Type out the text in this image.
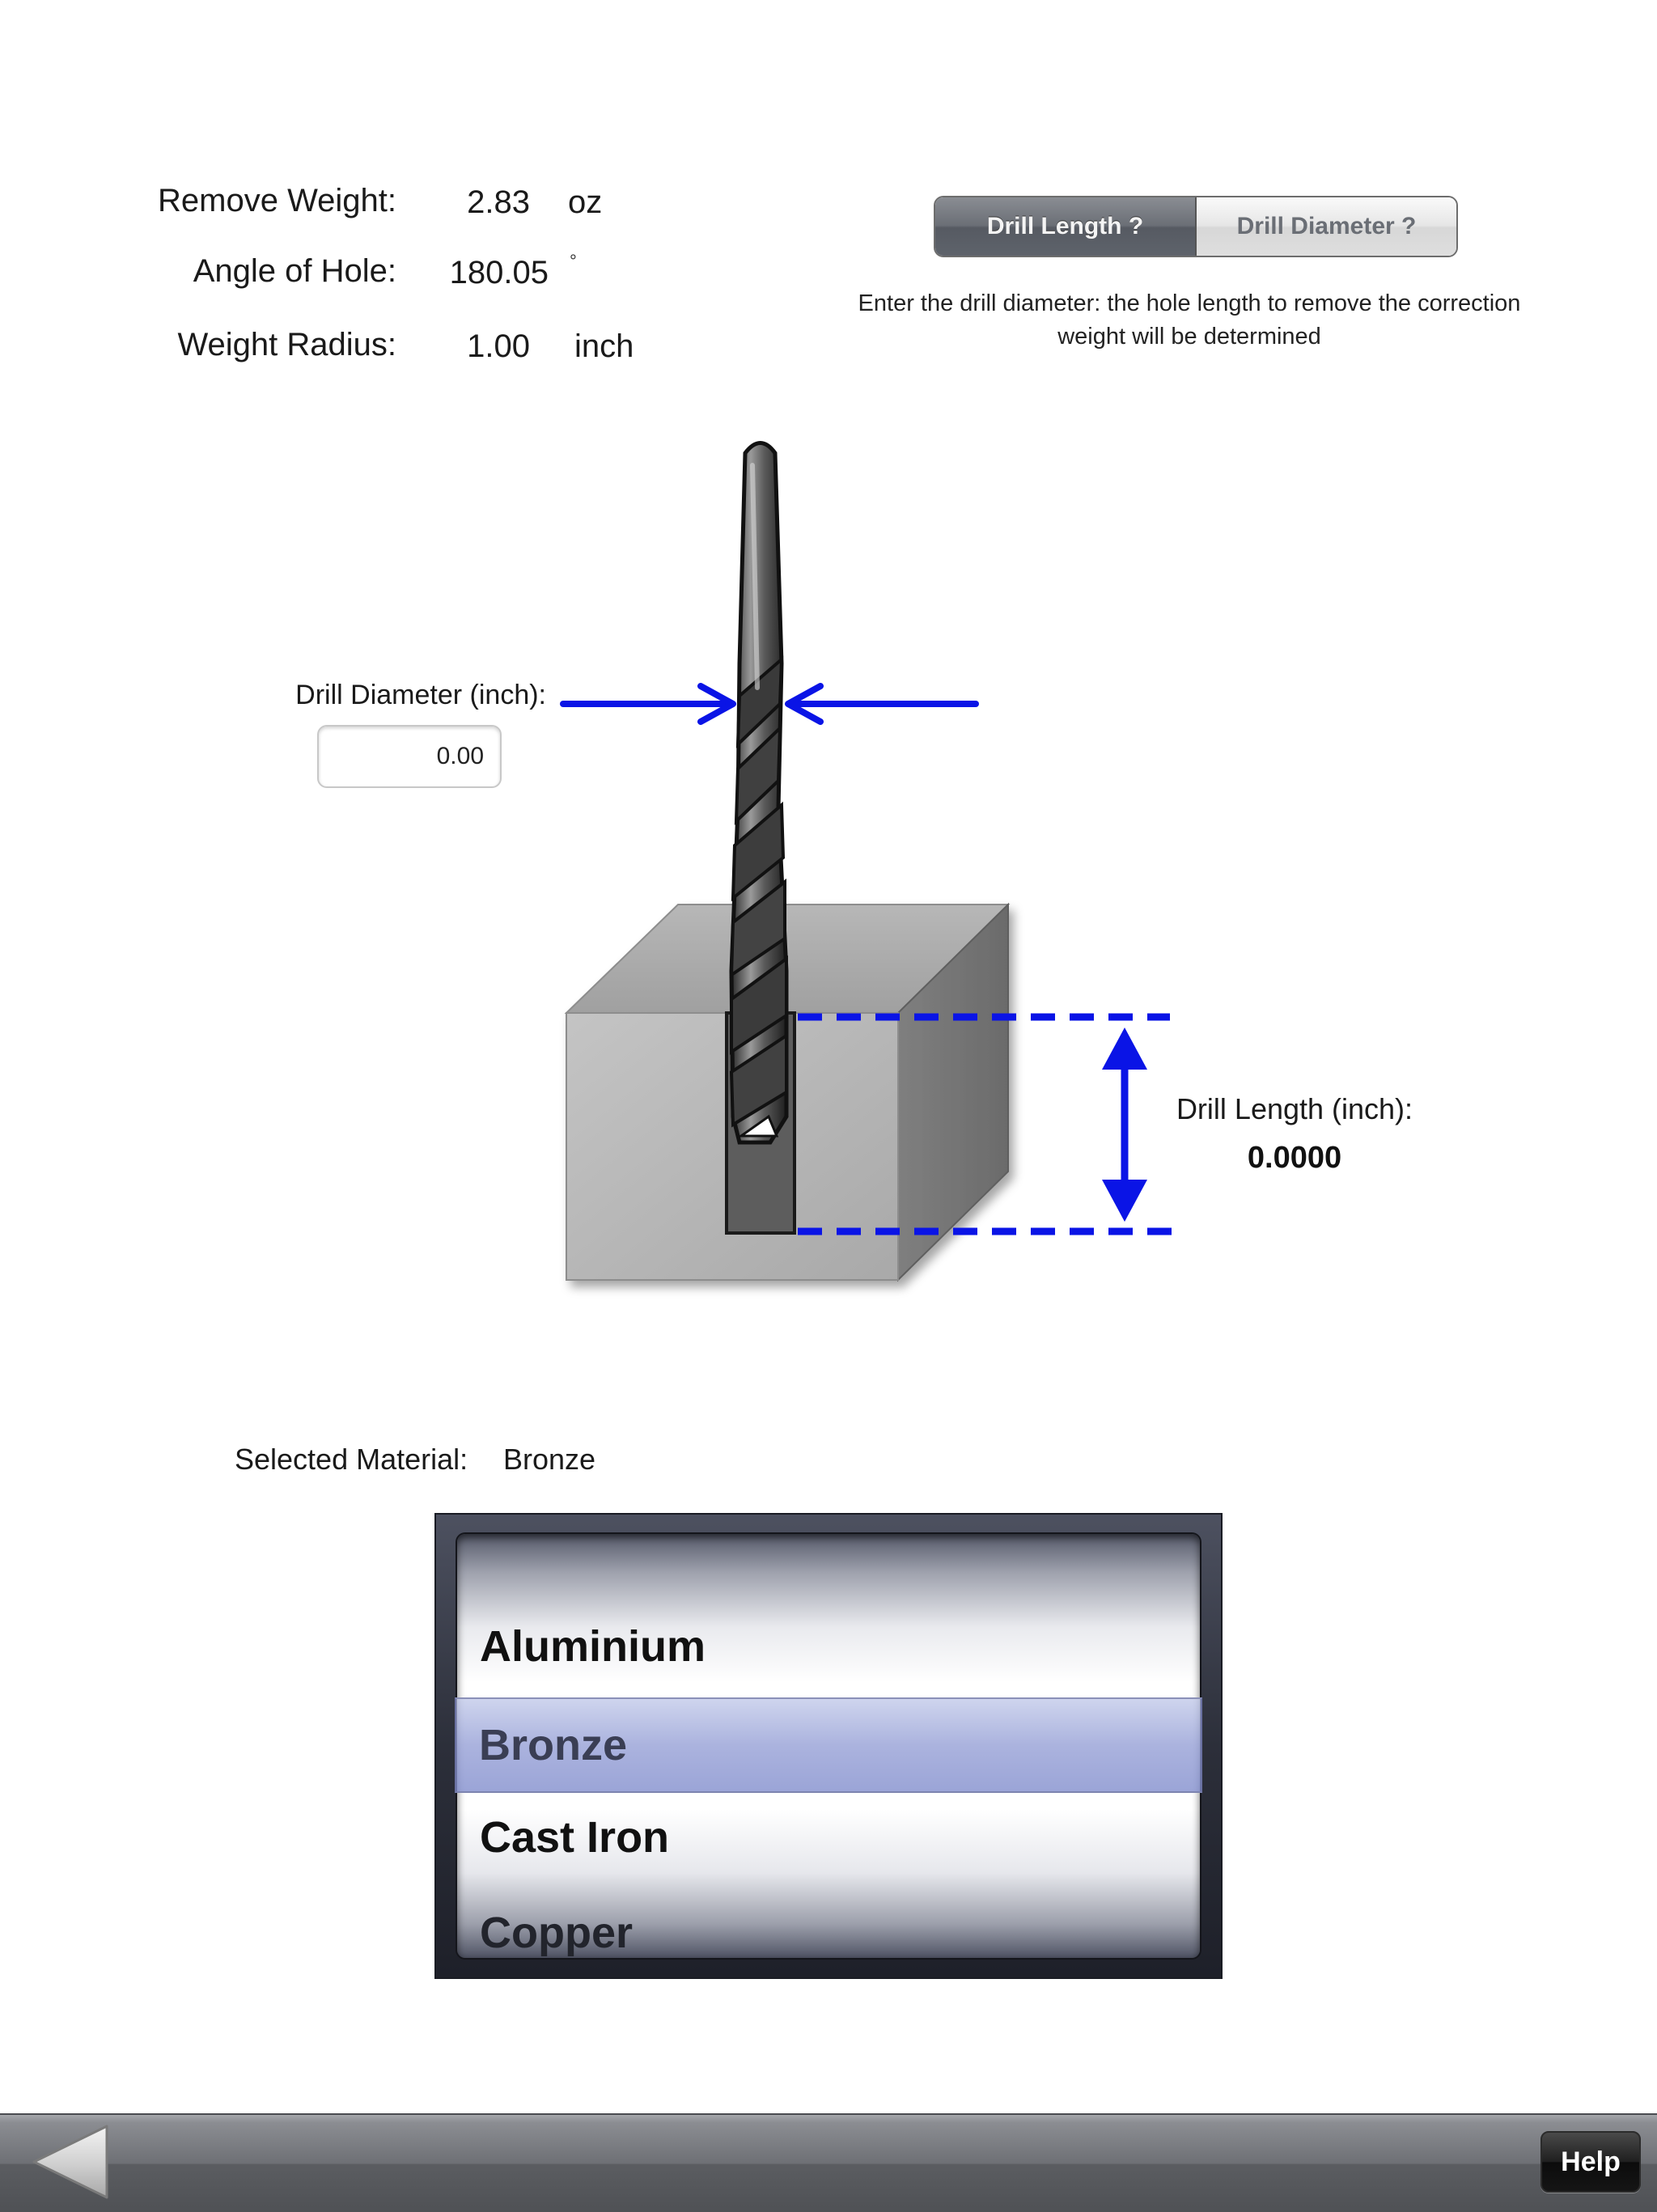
Remove Weight:	2.83 oz
Angle of Hole:	180.05 °
Weight Radius:	1.00 inch
Drill Length ?	Drill Diameter ?
Enter the drill diameter: the hole length to remove the correction weight will be determined
Drill Diameter (inch):
0.00
Drill Length (inch):
0.0000
Selected Material: Bronze
Aluminium
Cast Iron
Copper
Bronze
Help
